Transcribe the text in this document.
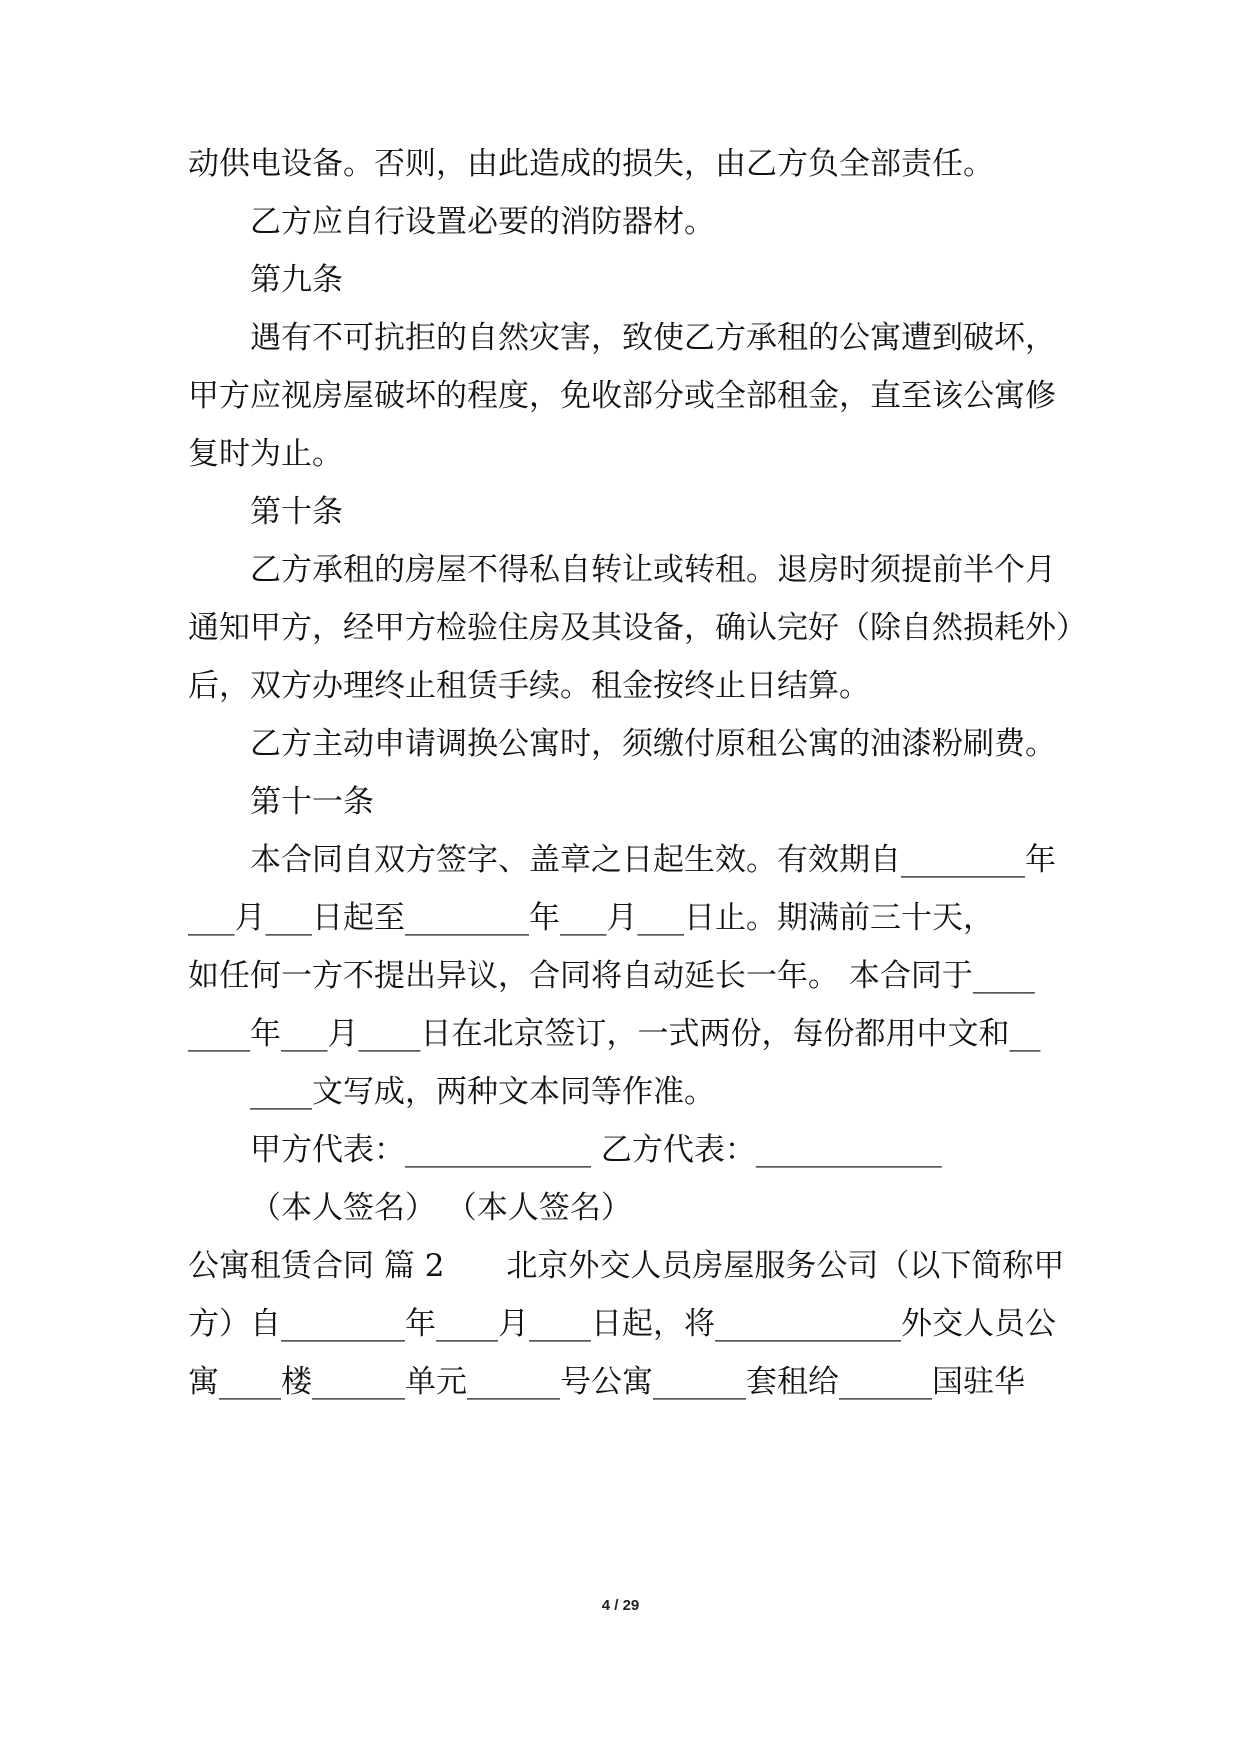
动供电设备。否则，由此造成的损失，由乙方负全部责任。
乙方应自行设置必要的消防器材。
第九条
遇有不可抗拒的自然灾害，致使乙方承租的公寓遭到破坏，
甲方应视房屋破坏的程度，免收部分或全部租金，直至该公寓修
复时为止。
第十条
乙方承租的房屋不得私自转让或转租。退房时须提前半个月
通知甲方，经甲方检验住房及其设备，确认完好（除自然损耗外）
后，双方办理终止租赁手续。租金按终止日结算。
乙方主动申请调换公寓时，须缴付原租公寓的油漆粉刷费。
第十一条
本合同自双方签字、盖章之日起生效。有效期自________年
___月___日起至________年___月___日止。期满前三十天，
如任何一方不提出异议，合同将自动延长一年。 本合同于____
____年___月____日在北京签订，一式两份，每份都用中文和__
____文写成，两种文本同等作准。
甲方代表：____________ 乙方代表：____________
（本人签名） （本人签名）
公寓租赁合同 篇 2　　北京外交人员房屋服务公司（以下简称甲
方）自________年____月____日起，将____________外交人员公
寓____楼______单元______号公寓______套租给______国驻华
4 / 29
